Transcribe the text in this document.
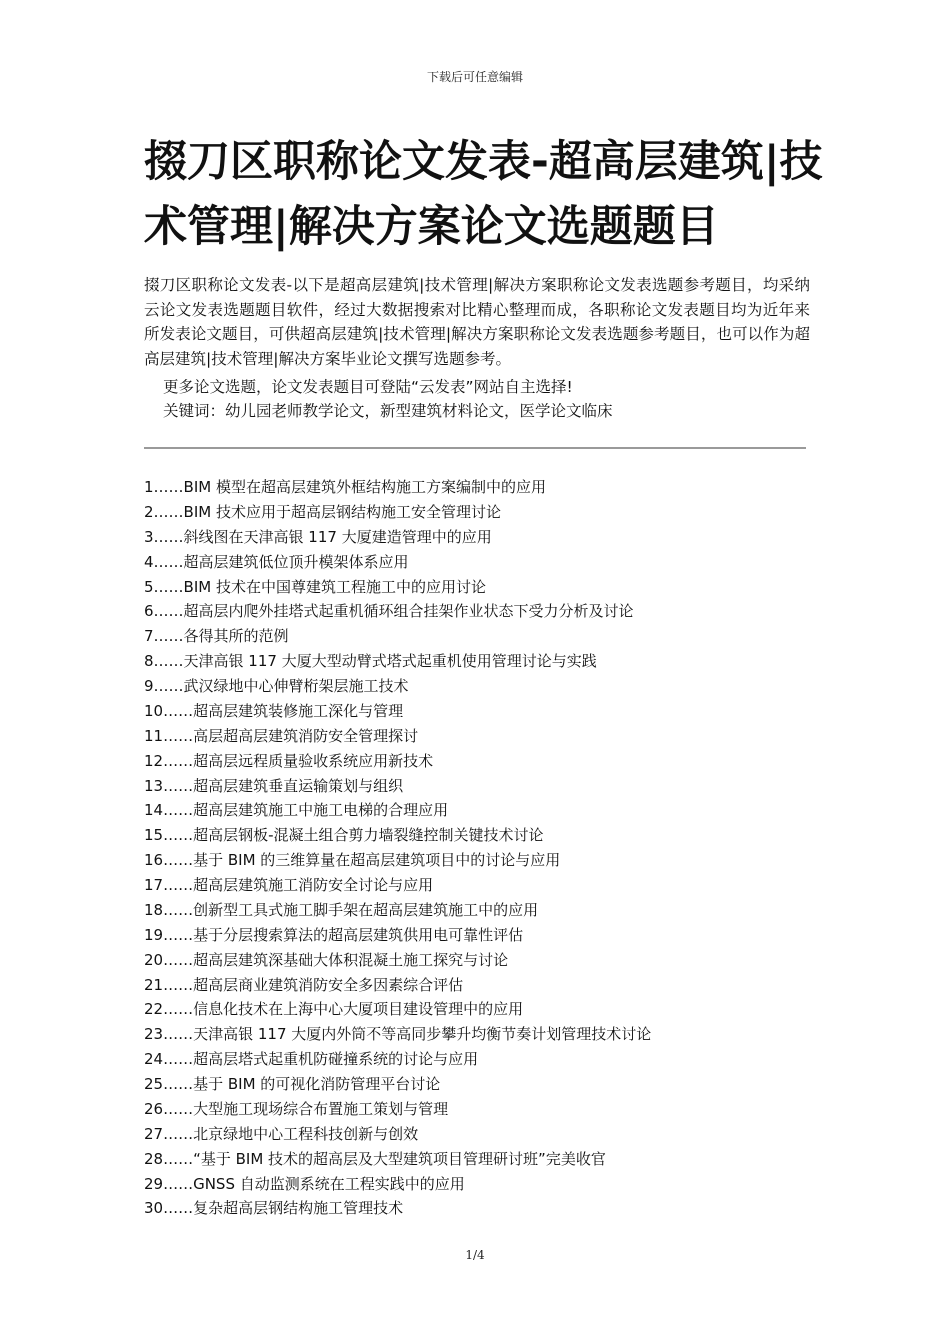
下载后可任意编辑
掇刀区职称论文发表-超高层建筑|技术管理|解决方案论文选题题目

掇刀区职称论文发表-以下是超高层建筑|技术管理|解决方案职称论文发表选题参考题目，均采纳云论文发表选题题目软件，经过大数据搜索对比精心整理而成，各职称论文发表题目均为近年来所发表论文题目，可供超高层建筑|技术管理|解决方案职称论文发表选题参考题目，也可以作为超高层建筑|技术管理|解决方案毕业论文撰写选题参考。

更多论文选题，论文发表题目可登陆“云发表”网站自主选择!
关键词：幼儿园老师教学论文，新型建筑材料论文，医学论文临床
1……BIM 模型在超高层建筑外框结构施工方案编制中的应用
2……BIM 技术应用于超高层钢结构施工安全管理讨论
3……斜线图在天津高银 117 大厦建造管理中的应用
4……超高层建筑低位顶升模架体系应用
5……BIM 技术在中国尊建筑工程施工中的应用讨论
6……超高层内爬外挂塔式起重机循环组合挂架作业状态下受力分析及讨论
7……各得其所的范例
8……天津高银 117 大厦大型动臂式塔式起重机使用管理讨论与实践
9……武汉绿地中心伸臂桁架层施工技术
10……超高层建筑装修施工深化与管理
11……高层超高层建筑消防安全管理探讨
12……超高层远程质量验收系统应用新技术
13……超高层建筑垂直运输策划与组织
14……超高层建筑施工中施工电梯的合理应用
15……超高层钢板-混凝土组合剪力墙裂缝控制关键技术讨论
16……基于 BIM 的三维算量在超高层建筑项目中的讨论与应用
17……超高层建筑施工消防安全讨论与应用
18……创新型工具式施工脚手架在超高层建筑施工中的应用
19……基于分层搜索算法的超高层建筑供用电可靠性评估
20……超高层建筑深基础大体积混凝土施工探究与讨论
21……超高层商业建筑消防安全多因素综合评估
22……信息化技术在上海中心大厦项目建设管理中的应用
23……天津高银 117 大厦内外筒不等高同步攀升均衡节奏计划管理技术讨论
24……超高层塔式起重机防碰撞系统的讨论与应用
25……基于 BIM 的可视化消防管理平台讨论
26……大型施工现场综合布置施工策划与管理
27……北京绿地中心工程科技创新与创效
28……“基于 BIM 技术的超高层及大型建筑项目管理研讨班”完美收官
29……GNSS 自动监测系统在工程实践中的应用
30……复杂超高层钢结构施工管理技术
1/4
